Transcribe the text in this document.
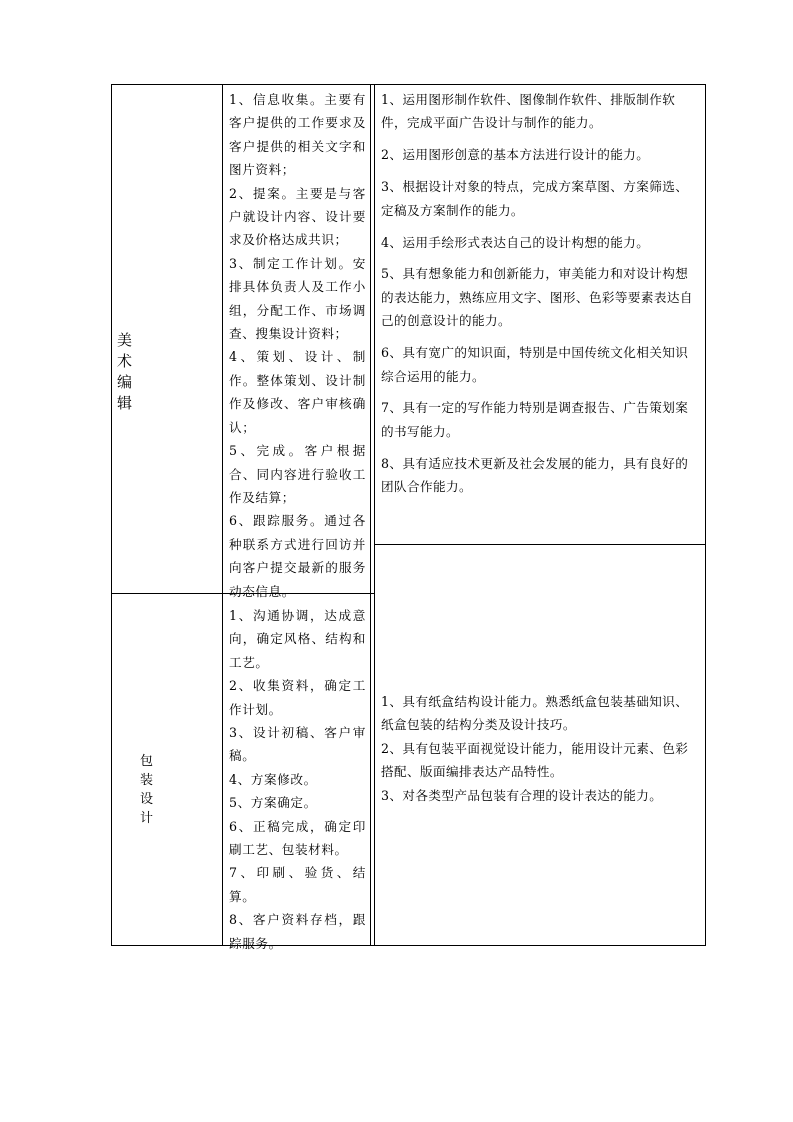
美术编辑

1、信息收集。主要有客户提供的工作要求及客户提供的相关文字和图片资料；

2、提案。主要是与客户就设计内容、设计要求及价格达成共识；

3、制定工作计划。安排具体负责人及工作小组，分配工作、市场调查、搜集设计资料；

4、策划、设计、制作。整体策划、设计制作及修改、客户审核确认；

5、完成。客户根据合、同内容进行验收工作及结算；

6、跟踪服务。通过各种联系方式进行回访并向客户提交最新的服务动态信息。

1、运用图形制作软件、图像制作软件、排版制作软件，完成平面广告设计与制作的能力。

2、运用图形创意的基本方法进行设计的能力。

3、根据设计对象的特点，完成方案草图、方案筛选、定稿及方案制作的能力。

4、运用手绘形式表达自己的设计构想的能力。

5、具有想象能力和创新能力，审美能力和对设计构想的表达能力，熟练应用文字、图形、色彩等要素表达自己的创意设计的能力。

6、具有宽广的知识面，特别是中国传统文化相关知识综合运用的能力。

7、具有一定的写作能力特别是调查报告、广告策划案的书写能力。

8、具有适应技术更新及社会发展的能力，具有良好的团队合作能力。

包装设计

1、沟通协调，达成意向，确定风格、结构和工艺。

2、收集资料，确定工作计划。

3、设计初稿、客户审稿。

4、方案修改。

5、方案确定。

6、正稿完成，确定印刷工艺、包装材料。

7、印刷、验货、结算。

8、客户资料存档，跟踪服务。

1、具有纸盒结构设计能力。熟悉纸盒包装基础知识、纸盒包装的结构分类及设计技巧。

2、具有包装平面视觉设计能力，能用设计元素、色彩搭配、版面编排表达产品特性。

3、对各类型产品包装有合理的设计表达的能力。
